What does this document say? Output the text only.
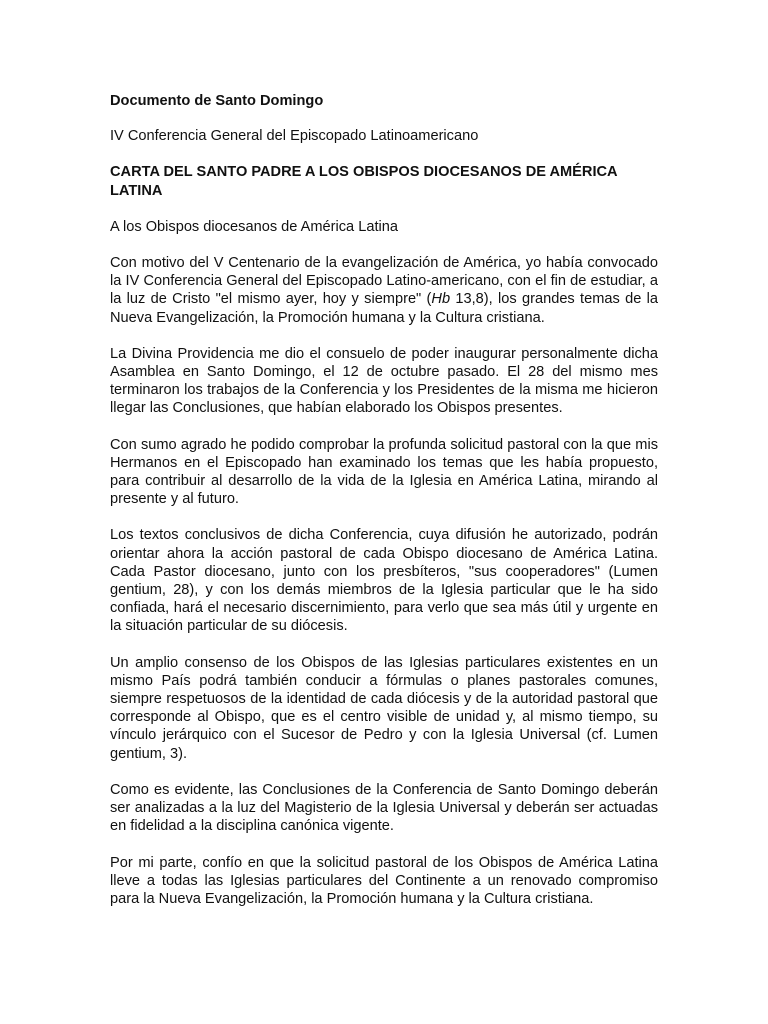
Documento de Santo Domingo
IV Conferencia General del Episcopado Latinoamericano
CARTA DEL SANTO PADRE A LOS OBISPOS DIOCESANOS DE AMÉRICA LATINA
A los Obispos diocesanos de América Latina

Con motivo del V Centenario de la evangelización de América, yo había convocado la IV Conferencia General del Episcopado Latino-americano, con el fin de estudiar, a la luz de Cristo "el mismo ayer, hoy y siempre" (Hb 13,8), los grandes temas de la Nueva Evangelización, la Promoción humana y la Cultura cristiana.

La Divina Providencia me dio el consuelo de poder inaugurar personalmente dicha Asamblea en Santo Domingo, el 12 de octubre pasado. El 28 del mismo mes terminaron los trabajos de la Conferencia y los Presidentes de la misma me hicieron llegar las Conclusiones, que habían elaborado los Obispos presentes.

Con sumo agrado he podido comprobar la profunda solicitud pastoral con la que mis Hermanos en el Episcopado han examinado los temas que les había propuesto, para contribuir al desarrollo de la vida de la Iglesia en América Latina, mirando al presente y al futuro.

Los textos conclusivos de dicha Conferencia, cuya difusión he autorizado, podrán orientar ahora la acción pastoral de cada Obispo diocesano de América Latina. Cada Pastor diocesano, junto con los presbíteros, "sus cooperadores" (Lumen gentium, 28), y con los demás miembros de la Iglesia particular que le ha sido confiada, hará el necesario discernimiento, para verlo que sea más útil y urgente en la situación particular de su diócesis.

Un amplio consenso de los Obispos de las Iglesias particulares existentes en un mismo País podrá también conducir a fórmulas o planes pastorales comunes, siempre respetuosos de la identidad de cada diócesis y de la autoridad pastoral que corresponde al Obispo, que es el centro visible de unidad y, al mismo tiempo, su vínculo jerárquico con el Sucesor de Pedro y con la Iglesia Universal (cf. Lumen gentium, 3).

Como es evidente, las Conclusiones de la Conferencia de Santo Domingo deberán ser analizadas a la luz del Magisterio de la Iglesia Universal y deberán ser actuadas en fidelidad a la disciplina canónica vigente.

Por mi parte, confío en que la solicitud pastoral de los Obispos de América Latina lleve a todas las Iglesias particulares del Continente a un renovado compromiso para la Nueva Evangelización, la Promoción humana y la Cultura cristiana.
